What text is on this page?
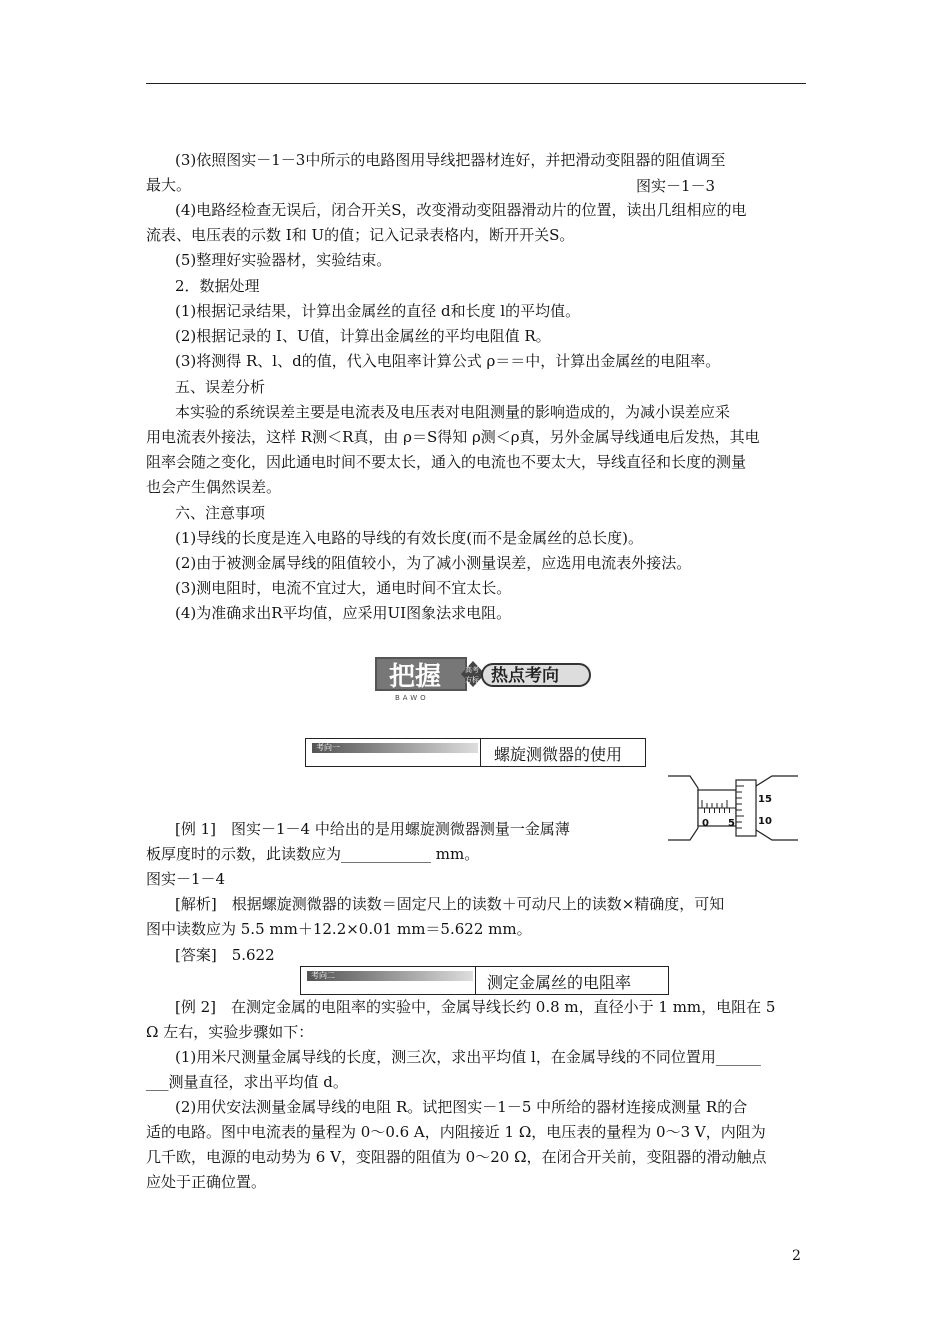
(3)依照图实－1－3中所示的电路图用导线把器材连好，并把滑动变阻器的阻值调至
最大。	图实－1－3
(4)电路经检查无误后，闭合开关S，改变滑动变阻器滑动片的位置，读出几组相应的电
流表、电压表的示数 I和 U的值；记入记录表格内，断开开关S。
(5)整理好实验器材，实验结束。
2．数据处理
(1)根据记录结果，计算出金属丝的直径 d和长度 l的平均值。
(2)根据记录的 I、U值，计算出金属丝的平均电阻值 R。
(3)将测得 R、l、d的值，代入电阻率计算公式 ρ＝＝中，计算出金属丝的电阻率。
五、误差分析
本实验的系统误差主要是电流表及电压表对电阻测量的影响造成的，为减小误差应采
用电流表外接法，这样 R测＜R真，由 ρ＝S得知 ρ测＜ρ真，另外金属导线通电后发热，其电
阻率会随之变化，因此通电时间不要太长，通入的电流也不要太大，导线直径和长度的测量
也会产生偶然误差。
六、注意事项
(1)导线的长度是连入电路的导线的有效长度(而不是金属丝的总长度)。
(2)由于被测金属导线的阻值较小，为了减小测量误差，应选用电流表外接法。
(3)测电阻时，电流不宜过大，通电时间不宜太长。
(4)为准确求出R平均值，应采用UI图象法求电阻。
把握	高考
方标 热点考向
BAWO
考向一	螺旋测微器的使用
0 5
15
10
[例 1]　图实－1－4 中给出的是用螺旋测微器测量一金属薄
板厚度时的示数，此读数应为____________ mm。
图实－1－4
[解析]　根据螺旋测微器的读数＝固定尺上的读数＋可动尺上的读数×精确度，可知
图中读数应为 5.5 mm＋12.2×0.01 mm＝5.622 mm。
[答案]　5.622
考向二	测定金属丝的电阻率
[例 2]　在测定金属的电阻率的实验中，金属导线长约 0.8 m，直径小于 1 mm，电阻在 5
Ω 左右，实验步骤如下：
(1)用米尺测量金属导线的长度，测三次，求出平均值 l，在金属导线的不同位置用______
___测量直径，求出平均值 d。
(2)用伏安法测量金属导线的电阻 R。试把图实－1－5 中所给的器材连接成测量 R的合
适的电路。图中电流表的量程为 0～0.6 A，内阻接近 1 Ω，电压表的量程为 0～3 V，内阻为
几千欧，电源的电动势为 6 V，变阻器的阻值为 0～20 Ω，在闭合开关前，变阻器的滑动触点
应处于正确位置。
2
